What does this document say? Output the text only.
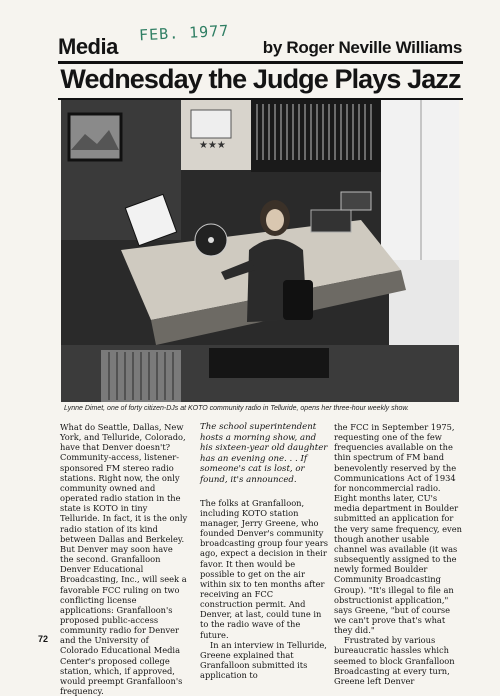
Media
FEB. 1977
by Roger Neville Williams
Wednesday the Judge Plays Jazz
★★★
Lynne Dimet, one of forty citizen-DJs at KOTO community radio in Telluride, opens her three-hour weekly show.

What do Seattle, Dallas, New York, and Telluride, Colorado, have that Denver doesn't? Community-access, listener-sponsored FM stereo radio stations. Right now, the only community owned and operated radio station in the state is KOTO in tiny Telluride. In fact, it is the only radio station of its kind between Dallas and Berkeley. But Denver may soon have the second. Granfalloon Denver Educational Broadcasting, Inc., will seek a favorable FCC ruling on two conflicting license applications: Granfalloon's proposed public-access community radio for Denver and the University of Colorado Educational Media Center's proposed college station, which, if approved, would preempt Granfalloon's frequency.

The school superintendent hosts a morning show, and his sixteen-year old daughter has an evening one. . . If someone's cat is lost, or found, it's announced.

The folks at Granfalloon, including KOTO station manager, Jerry Greene, who founded Denver's community broadcasting group four years ago, expect a decision in their favor. It then would be possible to get on the air within six to ten months after receiving an FCC construction permit. And Denver, at last, could tune in to the radio wave of the future.

In an interview in Telluride, Greene explained that Granfalloon submitted its application to

the FCC in September 1975, requesting one of the few frequencies available on the thin spectrum of FM band benevolently reserved by the Communications Act of 1934 for noncommercial radio. Eight months later, CU's media department in Boulder submitted an application for the very same frequency, even though another usable channel was available (it was subsequently assigned to the newly formed Boulder Community Broadcasting Group). "It's illegal to file an obstructionist application," says Greene, "but of course we can't prove that's what they did."

Frustrated by various bureaucratic hassles which seemed to block Granfalloon Broadcasting at every turn, Greene left Denver

72
